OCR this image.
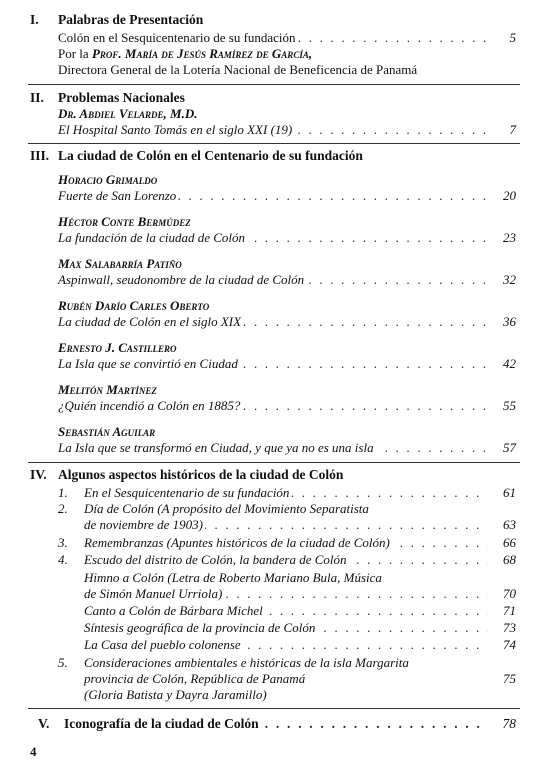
I. Palabras de Presentación
. . .
Colón en el Sesquicentenario de su fundación	5
Por la Prof. María de Jesús Ramírez de García,
Directora General de la Lotería Nacional de Beneficencia de Panamá
II. Problemas Nacionales
Dr. Abdiel Velarde, M.D.
. . .
El Hospital Santo Tomás en el siglo XXI (19)	7
III. La ciudad de Colón en el Centenario de su fundación
Horacio Grimaldo
. . .
Fuerte de San Lorenzo	20
Héctor Conte Bermúdez
. . .
La fundación de la ciudad de Colón	23
Max Salabarría Patiño
. . .
Aspinwall, seudonombre de la ciudad de Colón	32
Rubén Darío Carles Oberto
. . .
La ciudad de Colón en el siglo XIX	36
Ernesto J. Castillero
. . .
La Isla que se convirtió en Ciudad	42
Melitón Martínez
. . .
¿Quién incendió a Colón en 1885?	55
Sebastián Aguilar
. . .
La Isla que se transformó en Ciudad, y que ya no es una isla	57
IV. Algunos aspectos históricos de la ciudad de Colón
1. . . .	En el Sesquicentenario de su fundación	61
2.	Día de Colón (A propósito del Movimiento Separatista
. . .
de noviembre de 1903)	63
3. . . .	Remembranzas (Apuntes históricos de la ciudad de Colón)	66
4. . . .	Escudo del distrito de Colón, la bandera de Colón	68
Himno a Colón (Letra de Roberto Mariano Bula, Música
. . .
de Simón Manuel Urriola)	70
. . .
Canto a Colón de Bárbara Michel	71
. . .
Síntesis geográfica de la provincia de Colón	73
. . .
La Casa del pueblo colonense	74
5.	Consideraciones ambientales e históricas de la isla Margarita
provincia de Colón, República de Panamá	75
(Gloria Batista y Dayra Jaramillo)
V. . . . Iconografía de la ciudad de Colón	78
4
